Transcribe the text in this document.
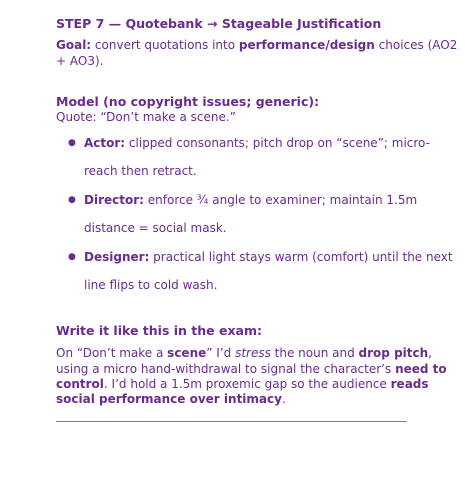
STEP 7 — Quotebank → Stageable Justification

Goal: convert quotations into performance/design choices (AO2

+ AO3).

Model (no copyright issues; generic):

Quote: “Don’t make a scene.”

● Actor: clipped consonants; pitch drop on “scene”; micro-
reach then retract.
● Director: enforce ¾ angle to examiner; maintain 1.5m
distance = social mask.
● Designer: practical light stays warm (comfort) until the next
line flips to cold wash.

Write it like this in the exam:

On “Don’t make a scene” I’d stress the noun and drop pitch,

using a micro hand-withdrawal to signal the character’s need to

control. I’d hold a 1.5m proxemic gap so the audience reads

social performance over intimacy.
